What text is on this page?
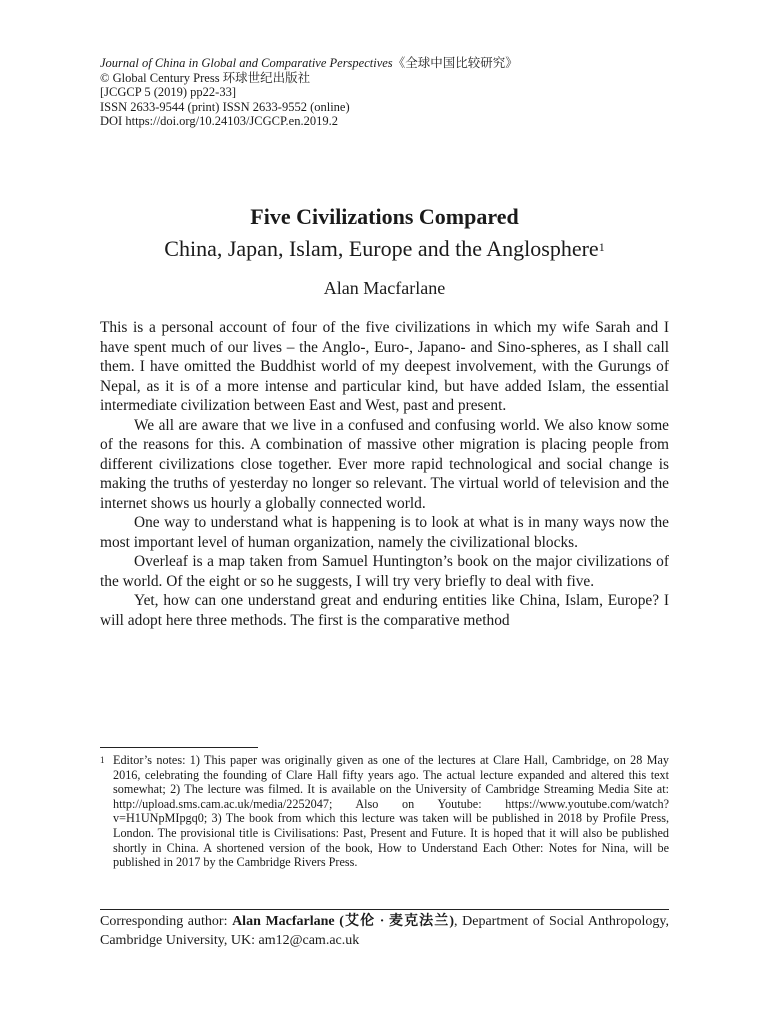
Journal of China in Global and Comparative Perspectives《全球中国比较研究》
© Global Century Press 环球世纪出版社
[JCGCP 5 (2019) pp22-33]
ISSN 2633-9544 (print) ISSN 2633-9552 (online)
DOI https://doi.org/10.24103/JCGCP.en.2019.2
Five Civilizations Compared
China, Japan, Islam, Europe and the Anglosphere$^1$
Alan Macfarlane

This is a personal account of four of the five civilizations in which my wife Sarah and I have spent much of our lives – the Anglo-, Euro-, Japano- and Sino-spheres, as I shall call them. I have omitted the Buddhist world of my deepest involvement, with the Gurungs of Nepal, as it is of a more intense and particular kind, but have added Islam, the essential intermediate civilization between East and West, past and present.

We all are aware that we live in a confused and confusing world. We also know some of the reasons for this. A combination of massive other migration is placing people from different civilizations close together. Ever more rapid technological and social change is making the truths of yesterday no longer so relevant. The virtual world of television and the internet shows us hourly a globally connected world.

One way to understand what is happening is to look at what is in many ways now the most important level of human organization, namely the civilizational blocks.

Overleaf is a map taken from Samuel Huntington’s book on the major civilizations of the world. Of the eight or so he suggests, I will try very briefly to deal with five.

Yet, how can one understand great and enduring entities like China, Islam, Europe? I will adopt here three methods. The first is the comparative method

1 Editor’s notes: 1) This paper was originally given as one of the lectures at Clare Hall, Cambridge, on 28 May 2016, celebrating the founding of Clare Hall fifty years ago. The actual lecture expanded and altered this text somewhat; 2) The lecture was filmed. It is available on the University of Cambridge Streaming Media Site at: http://upload.sms.cam.ac.uk/media/2252047; Also on Youtube: https://www.youtube.com/watch?v=H1UNpMIpgq0; 3) The book from which this lecture was taken will be published in 2018 by Profile Press, London. The provisional title is Civilisations: Past, Present and Future. It is hoped that it will also be published shortly in China. A shortened version of the book, How to Understand Each Other: Notes for Nina, will be published in 2017 by the Cambridge Rivers Press.
Corresponding author: Alan Macfarlane (艾伦 · 麦克法兰), Department of Social Anthropology, Cambridge University, UK: am12@cam.ac.uk
